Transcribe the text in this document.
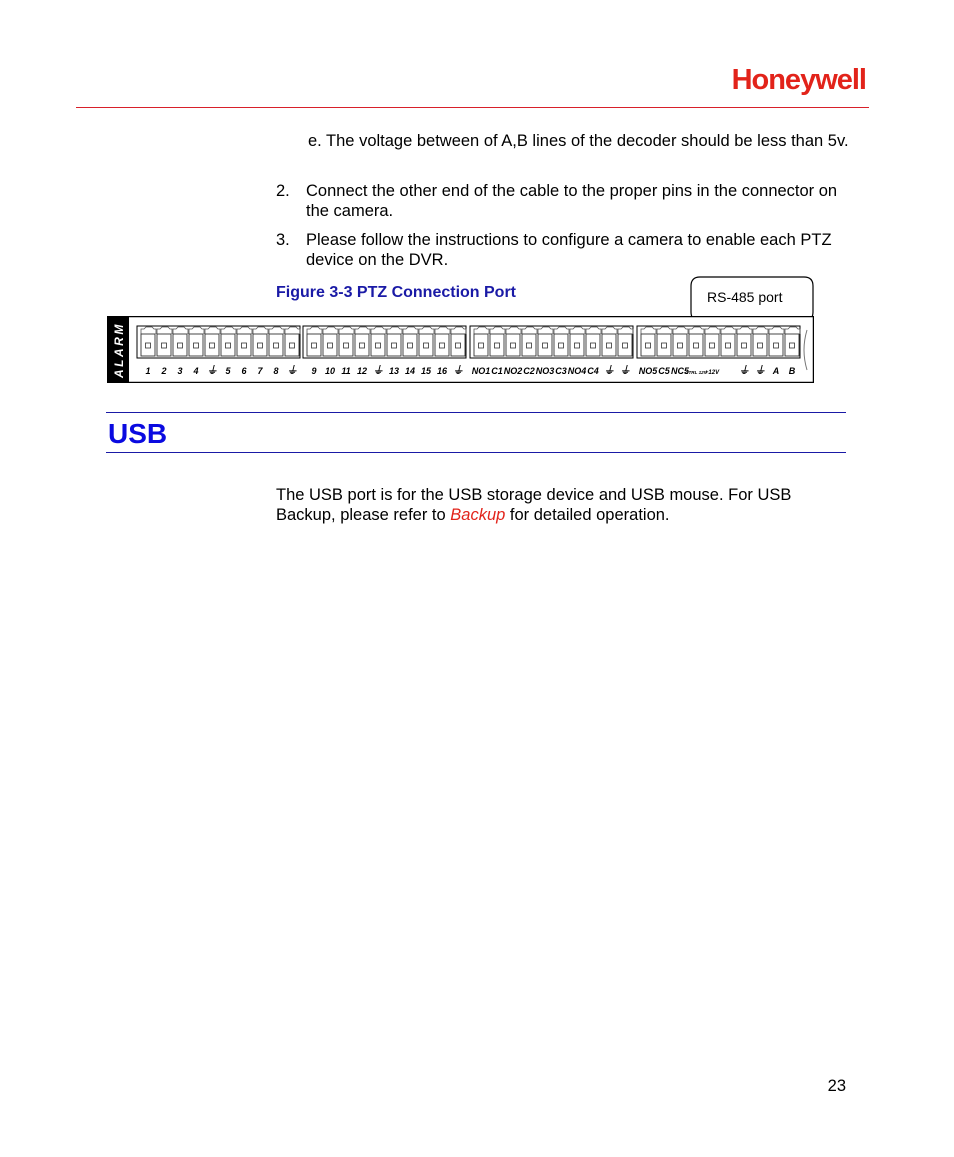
Honeywell
e. The voltage between of A,B lines of the decoder should be less than 5v.
2. Connect the other end of the cable to the proper pins in the connector on the camera.
3. Please follow the instructions to configure a camera to enable each PTZ device on the DVR.
Figure 3-3 PTZ Connection Port	RS-485 port
ALARM 1 2 3 4 ⏚ 5 6 7 8 ⏚ 9 10 11 12 ⏚ 13 14 15 16 ⏚ NO1 C1 NO2 C2 NO3 C3 NO4 C4 ⏚ ⏚ NO5 C5 NC5
CTRL 12V
+12V ⏚ ⏚ A B
USB
The USB port is for the USB storage device and USB mouse. For USB Backup, please refer to Backup for detailed operation.
23
